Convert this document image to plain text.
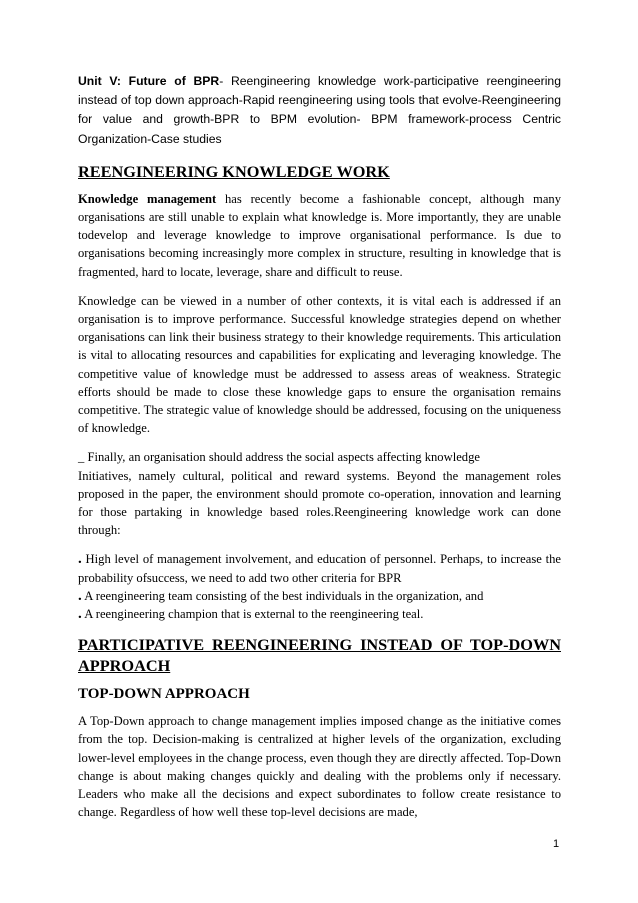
Unit V: Future of BPR- Reengineering knowledge work-participative reengineering instead of top down approach-Rapid reengineering using tools that evolve-Reengineering for value and growth-BPR to BPM evolution- BPM framework-process Centric Organization-Case studies

REENGINEERING KNOWLEDGE WORK

Knowledge management has recently become a fashionable concept, although many organisations are still unable to explain what knowledge is. More importantly, they are unable todevelop and leverage knowledge to improve organisational performance. Is due to organisations becoming increasingly more complex in structure, resulting in knowledge that is fragmented, hard to locate, leverage, share and difficult to reuse.

Knowledge can be viewed in a number of other contexts, it is vital each is addressed if an organisation is to improve performance. Successful knowledge strategies depend on whether organisations can link their business strategy to their knowledge requirements. This articulation is vital to allocating resources and capabilities for explicating and leveraging knowledge. The competitive value of knowledge must be addressed to assess areas of weakness. Strategic efforts should be made to close these knowledge gaps to ensure the organisation remains competitive. The strategic value of knowledge should be addressed, focusing on the uniqueness of knowledge.

_ Finally, an organisation should address the social aspects affecting knowledge
Initiatives, namely cultural, political and reward systems. Beyond the management roles proposed in the paper, the environment should promote co-operation, innovation and learning for those partaking in knowledge based roles.Reengineering knowledge work can done through:

. High level of management involvement, and education of personnel. Perhaps, to increase the probability ofsuccess, we need to add two other criteria for BPR

. A reengineering team consisting of the best individuals in the organization, and

. A reengineering champion that is external to the reengineering teal.

PARTICIPATIVE REENGINEERING INSTEAD OF TOP-DOWN
APPROACH
TOP-DOWN APPROACH

A Top-Down approach to change management implies imposed change as the initiative comes from the top. Decision-making is centralized at higher levels of the organization, excluding lower-level employees in the change process, even though they are directly affected. Top-Down change is about making changes quickly and dealing with the problems only if necessary. Leaders who make all the decisions and expect subordinates to follow create resistance to change. Regardless of how well these top-level decisions are made,

1
